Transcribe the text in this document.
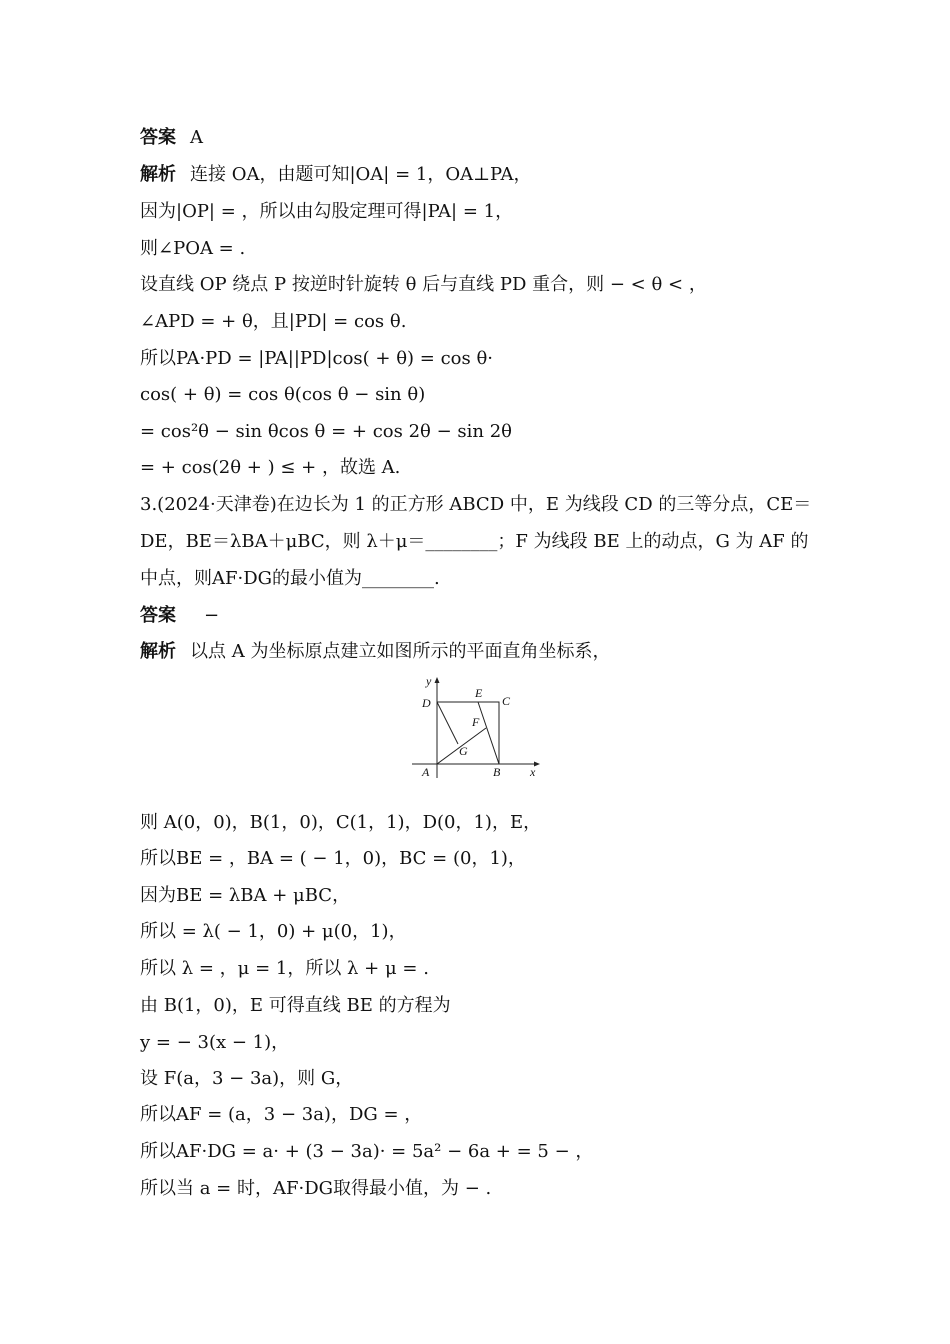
答案 A
解析 连接 OA，由题可知|OA| = 1，OA⊥PA，
因为|OP| = ，所以由勾股定理可得|PA| = 1，
则∠POA = .
设直线 OP 绕点 P 按逆时针旋转 θ 后与直线 PD 重合，则 − < θ < ，
∠APD = + θ，且|PD| = cos θ.
所以PA·PD = |PA||PD|cos( + θ) = cos θ·
cos( + θ) = cos θ(cos θ − sin θ)
= cos²θ − sin θcos θ = + cos 2θ − sin 2θ
= + cos(2θ + ) ≤ + ，故选 A.
3.(2024·天津卷)在边长为 1 的正方形 ABCD 中，E 为线段 CD 的三等分点，CE＝
DE，BE＝λBA＋μBC，则 λ＋μ＝________；F 为线段 BE 上的动点，G 为 AF 的
中点，则AF·DG的最小值为________.
答案 −
解析 以点 A 为坐标原点建立如图所示的平面直角坐标系，
y
x
A	B
C
D
E
F
G
则 A(0，0)，B(1，0)，C(1，1)，D(0，1)，E，
所以BE = ，BA = ( − 1，0)，BC = (0，1)，
因为BE = λBA + μBC，
所以 = λ( − 1，0) + μ(0，1)，
所以 λ = ，μ = 1，所以 λ + μ = .
由 B(1，0)，E 可得直线 BE 的方程为
y = − 3(x − 1)，
设 F(a，3 − 3a)，则 G，
所以AF = (a，3 − 3a)，DG = ，
所以AF·DG = a· + (3 − 3a)· = 5a² − 6a + = 5 − ，
所以当 a = 时，AF·DG取得最小值，为 − .
